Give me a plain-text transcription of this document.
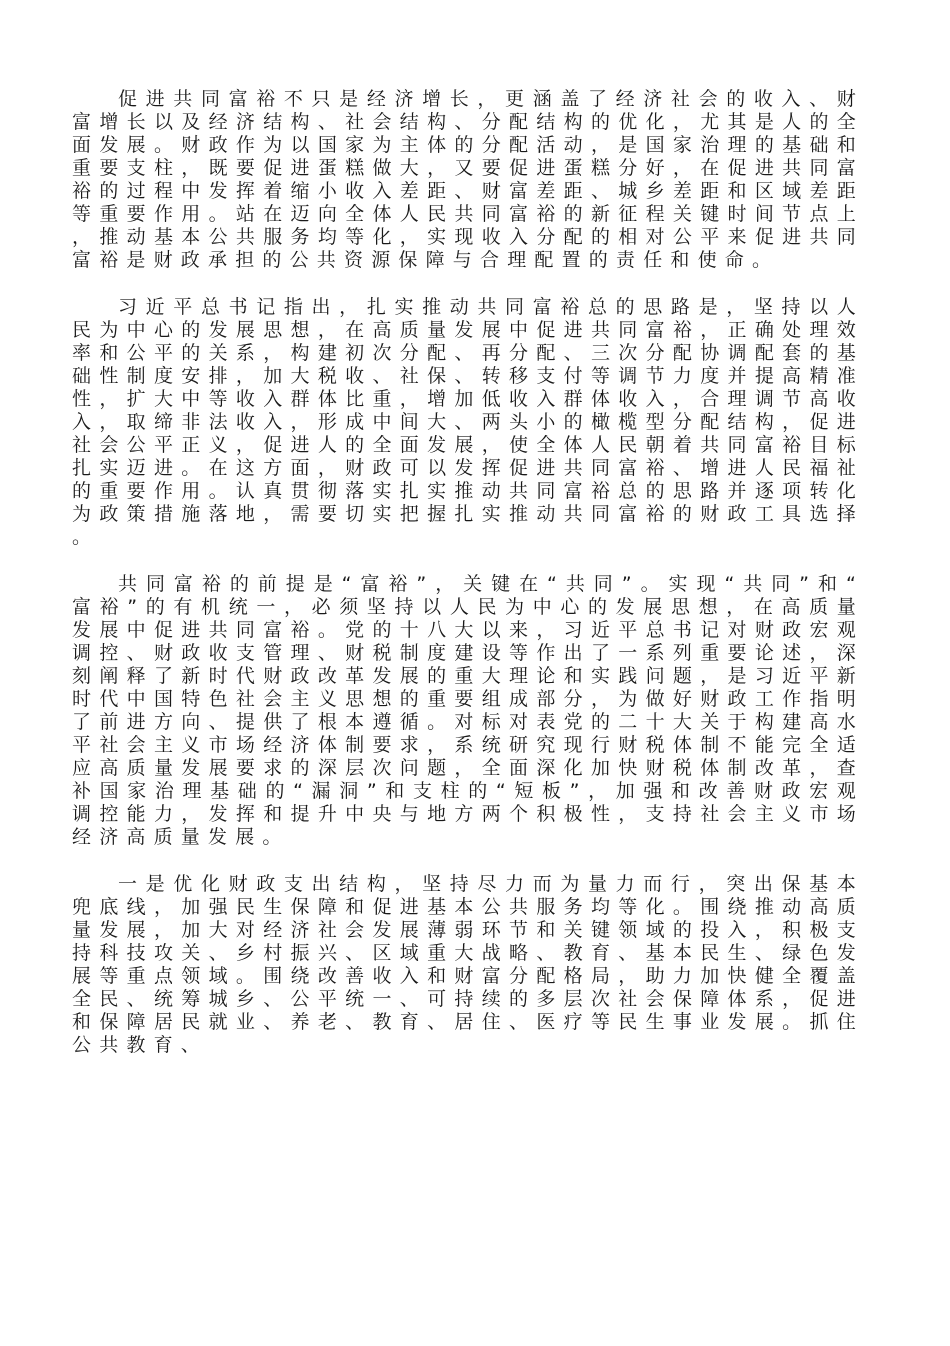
促进共同富裕不只是经济增长，更涵盖了经济社会的收入、财富增长以及经济结构、社会结构、分配结构的优化，尤其是人的全面发展。财政作为以国家为主体的分配活动，是国家治理的基础和重要支柱，既要促进蛋糕做大，又要促进蛋糕分好，在促进共同富裕的过程中发挥着缩小收入差距、财富差距、城乡差距和区域差距等重要作用。站在迈向全体人民共同富裕的新征程关键时间节点上，推动基本公共服务均等化，实现收入分配的相对公平来促进共同富裕是财政承担的公共资源保障与合理配置的责任和使命。

习近平总书记指出，扎实推动共同富裕总的思路是，坚持以人民为中心的发展思想，在高质量发展中促进共同富裕，正确处理效率和公平的关系，构建初次分配、再分配、三次分配协调配套的基础性制度安排，加大税收、社保、转移支付等调节力度并提高精准性，扩大中等收入群体比重，增加低收入群体收入，合理调节高收入，取缔非法收入，形成中间大、两头小的橄榄型分配结构，促进社会公平正义，促进人的全面发展，使全体人民朝着共同富裕目标扎实迈进。在这方面，财政可以发挥促进共同富裕、增进人民福祉的重要作用。认真贯彻落实扎实推动共同富裕总的思路并逐项转化为政策措施落地，需要切实把握扎实推动共同富裕的财政工具选择。

共同富裕的前提是“富裕”，关键在“共同”。实现“共同”和“富裕”的有机统一，必须坚持以人民为中心的发展思想，在高质量发展中促进共同富裕。党的十八大以来，习近平总书记对财政宏观调控、财政收支管理、财税制度建设等作出了一系列重要论述，深刻阐释了新时代财政改革发展的重大理论和实践问题，是习近平新时代中国特色社会主义思想的重要组成部分，为做好财政工作指明了前进方向、提供了根本遵循。对标对表党的二十大关于构建高水平社会主义市场经济体制要求，系统研究现行财税体制不能完全适应高质量发展要求的深层次问题，全面深化加快财税体制改革，查补国家治理基础的“漏洞”和支柱的“短板”，加强和改善财政宏观调控能力，发挥和提升中央与地方两个积极性，支持社会主义市场经济高质量发展。

一是优化财政支出结构，坚持尽力而为量力而行，突出保基本兜底线，加强民生保障和促进基本公共服务均等化。围绕推动高质量发展，加大对经济社会发展薄弱环节和关键领域的投入，积极支持科技攻关、乡村振兴、区域重大战略、教育、基本民生、绿色发展等重点领域。围绕改善收入和财富分配格局，助力加快健全覆盖全民、统筹城乡、公平统一、可持续的多层次社会保障体系，促进和保障居民就业、养老、教育、居住、医疗等民生事业发展。抓住公共教育、
